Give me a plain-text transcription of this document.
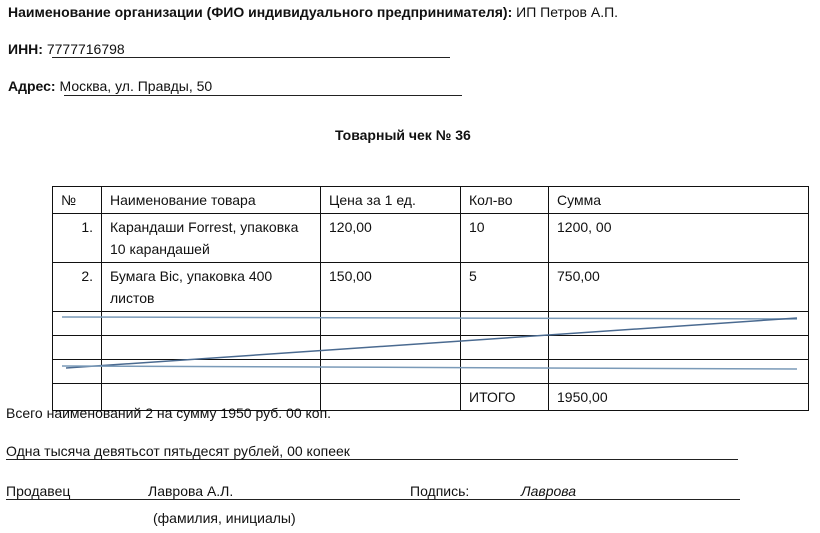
Наименование организации (ФИО индивидуального предпринимателя): ИП Петров А.П.
ИНН: 7777716798
Адрес: Москва, ул. Правды, 50
Товарный чек № 36
№	Наименование товара	Цена за 1 ед.	Кол-во	Сумма
1.	Карандаши Forrest, упаковка 10 карандашей	120,00	10	1200, 00
2.	Бумага Bic, упаковка 400 листов	150,00	5	750,00

			ИТОГО	1950,00
Всего наименований 2 на сумму 1950 руб. 00 коп.
Одна тысяча девятьсот пятьдесят рублей, 00 копеек
Продавец	Лаврова А.Л.	Подпись:	Лаврова
(фамилия, инициалы)
